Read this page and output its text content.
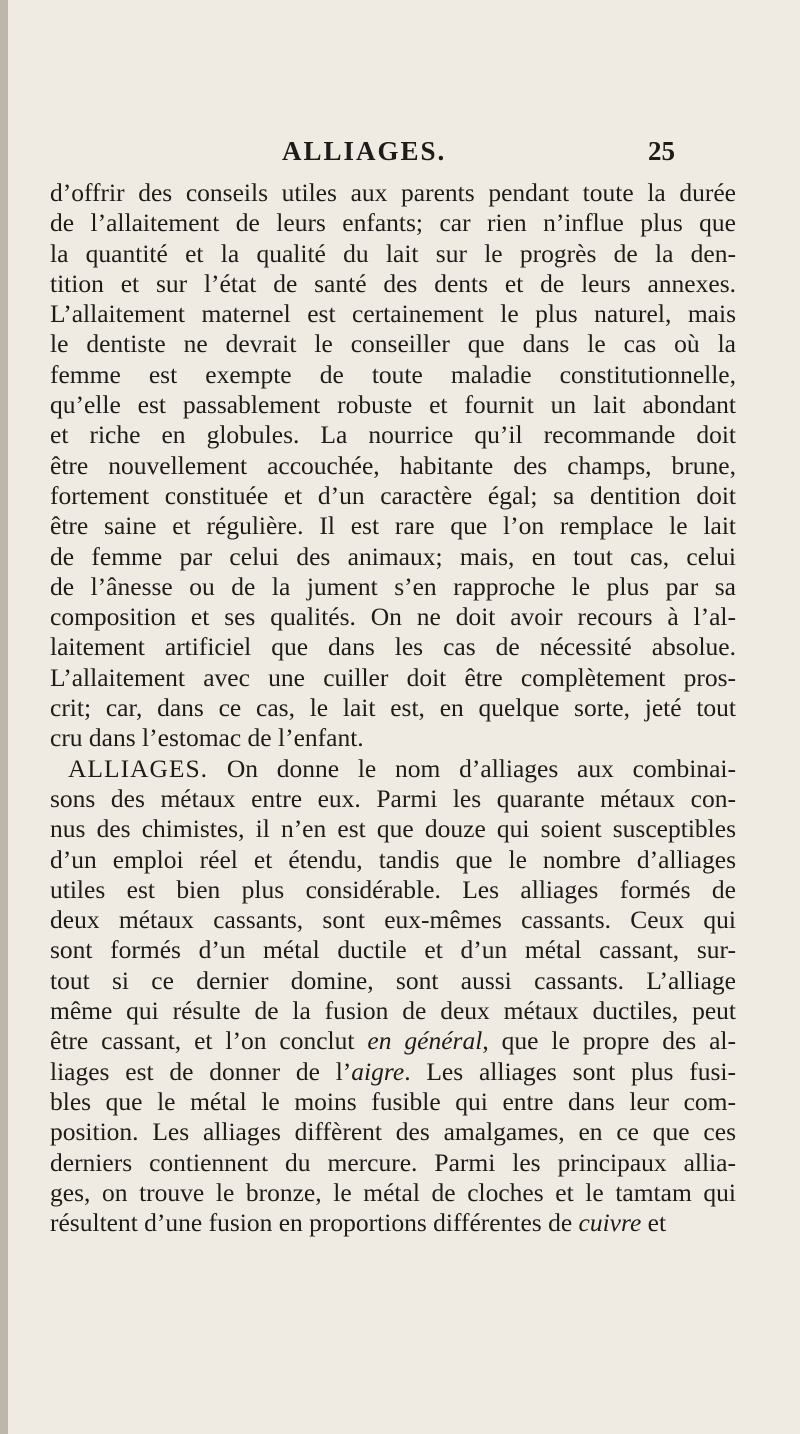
ALLIAGES.	25
d’offrir des conseils utiles aux parents pendant toute la durée
de l’allaitement de leurs enfants; car rien n’influe plus que
la quantité et la qualité du lait sur le progrès de la den-
tition et sur l’état de santé des dents et de leurs annexes.
L’allaitement maternel est certainement le plus naturel, mais
le dentiste ne devrait le conseiller que dans le cas où la
femme est exempte de toute maladie constitutionnelle,
qu’elle est passablement robuste et fournit un lait abondant
et riche en globules. La nourrice qu’il recommande doit
être nouvellement accouchée, habitante des champs, brune,
fortement constituée et d’un caractère égal; sa dentition doit
être saine et régulière. Il est rare que l’on remplace le lait
de femme par celui des animaux; mais, en tout cas, celui
de l’ânesse ou de la jument s’en rapproche le plus par sa
composition et ses qualités. On ne doit avoir recours à l’al-
laitement artificiel que dans les cas de nécessité absolue.
L’allaitement avec une cuiller doit être complètement pros-
crit; car, dans ce cas, le lait est, en quelque sorte, jeté tout
cru dans l’estomac de l’enfant.
ALLIAGES. On donne le nom d’alliages aux combinai-
sons des métaux entre eux. Parmi les quarante métaux con-
nus des chimistes, il n’en est que douze qui soient susceptibles
d’un emploi réel et étendu, tandis que le nombre d’alliages
utiles est bien plus considérable. Les alliages formés de
deux métaux cassants, sont eux-mêmes cassants. Ceux qui
sont formés d’un métal ductile et d’un métal cassant, sur-
tout si ce dernier domine, sont aussi cassants. L’alliage
même qui résulte de la fusion de deux métaux ductiles, peut
être cassant, et l’on conclut en général, que le propre des al-
liages est de donner de l’aigre. Les alliages sont plus fusi-
bles que le métal le moins fusible qui entre dans leur com-
position. Les alliages diffèrent des amalgames, en ce que ces
derniers contiennent du mercure. Parmi les principaux allia-
ges, on trouve le bronze, le métal de cloches et le tamtam qui
résultent d’une fusion en proportions différentes de cuivre et
